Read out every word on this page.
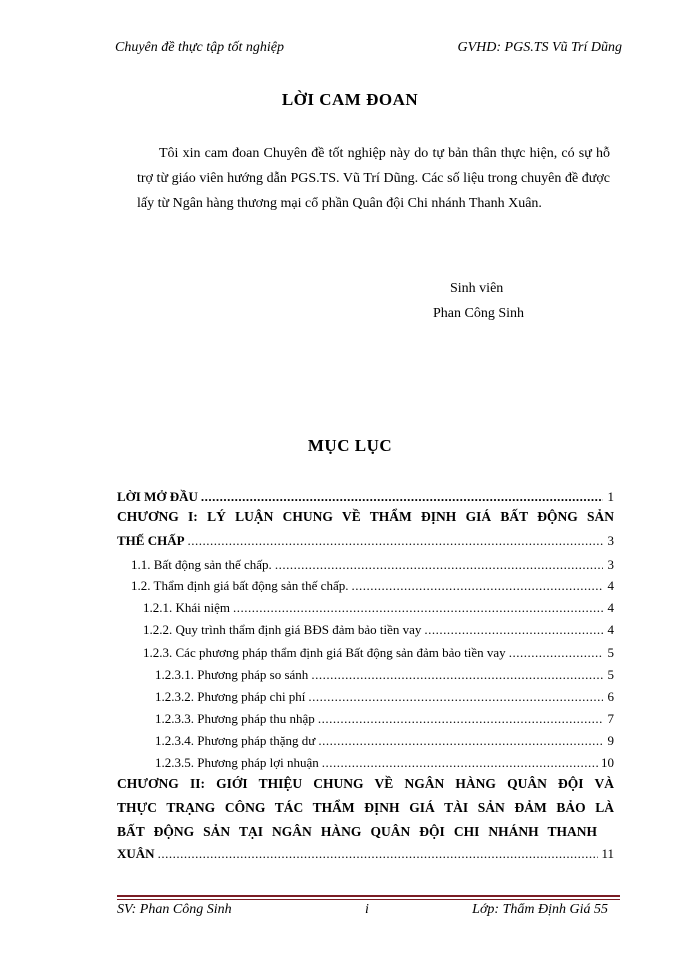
Chuyên đề thực tập tốt nghiệp	GVHD: PGS.TS Vũ Trí Dũng
LỜI CAM ĐOAN

Tôi xin cam đoan Chuyên đề tốt nghiệp này do tự bản thân thực hiện, có sự hỗ trợ từ giáo viên hướng dẫn PGS.TS. Vũ Trí Dũng. Các số liệu trong chuyên đề được lấy từ Ngân hàng thương mại cổ phần Quân đội Chi nhánh Thanh Xuân.

Sinh viên
Phan Công Sinh
MỤC LỤC
LỜI MỞ ĐẦU .....	1
CHƯƠNG I: LÝ LUẬN CHUNG VỀ THẨM ĐỊNH GIÁ BẤT ĐỘNG SẢN
THẾ CHẤP .....	3
1.1. Bất động sản thế chấp. .....	3
1.2. Thẩm định giá bất động sản thế chấp. .....	4
1.2.1. Khái niệm .....	4
1.2.2. Quy trình thẩm định giá BĐS đảm bảo tiền vay .....	4
1.2.3. Các phương pháp thẩm định giá Bất động sản đảm bảo tiền vay .....	5
1.2.3.1. Phương pháp so sánh .....	5
1.2.3.2. Phương pháp chi phí .....	6
1.2.3.3. Phương pháp thu nhập .....	7
1.2.3.4. Phương pháp thặng dư .....	9
1.2.3.5. Phương pháp lợi nhuận .....	10
CHƯƠNG II: GIỚI THIỆU CHUNG VỀ NGÂN HÀNG QUÂN ĐỘI VÀ
THỰC TRẠNG CÔNG TÁC THẨM ĐỊNH GIÁ TÀI SẢN ĐẢM BẢO LÀ
BẤT ĐỘNG SẢN TẠI NGÂN HÀNG QUÂN ĐỘI CHI NHÁNH THANH
XUÂN .....	11
SV: Phan Công Sinh	i	Lớp: Thẩm Định Giá 55
